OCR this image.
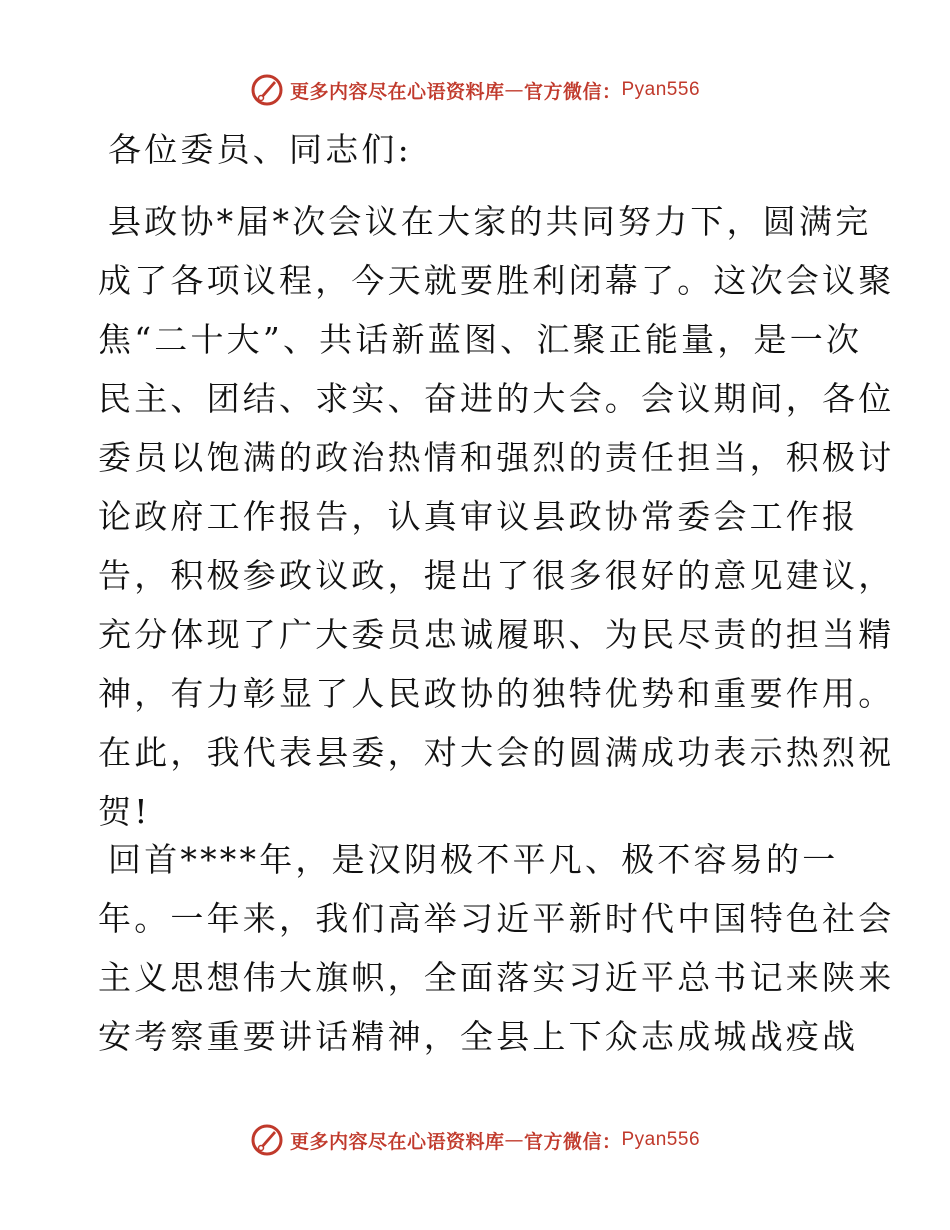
更多内容尽在心语资料库 — 官方微信： Pyan556
各位委员、同志们:
县政协*届*次会议在大家的共同努力下，圆满完
成了各项议程，今天就要胜利闭幕了。这次会议聚
焦“二十大”、共话新蓝图、汇聚正能量，是一次
民主、团结、求实、奋进的大会。会议期间，各位
委员以饱满的政治热情和强烈的责任担当，积极讨
论政府工作报告，认真审议县政协常委会工作报
告，积极参政议政，提出了很多很好的意见建议，
充分体现了广大委员忠诚履职、为民尽责的担当精
神，有力彰显了人民政协的独特优势和重要作用。
在此，我代表县委，对大会的圆满成功表示热烈祝
贺!
回首****年，是汉阴极不平凡、极不容易的一
年。一年来，我们高举习近平新时代中国特色社会
主义思想伟大旗帜，全面落实习近平总书记来陕来
安考察重要讲话精神，全县上下众志成城战疫战
更多内容尽在心语资料库 — 官方微信： Pyan556
